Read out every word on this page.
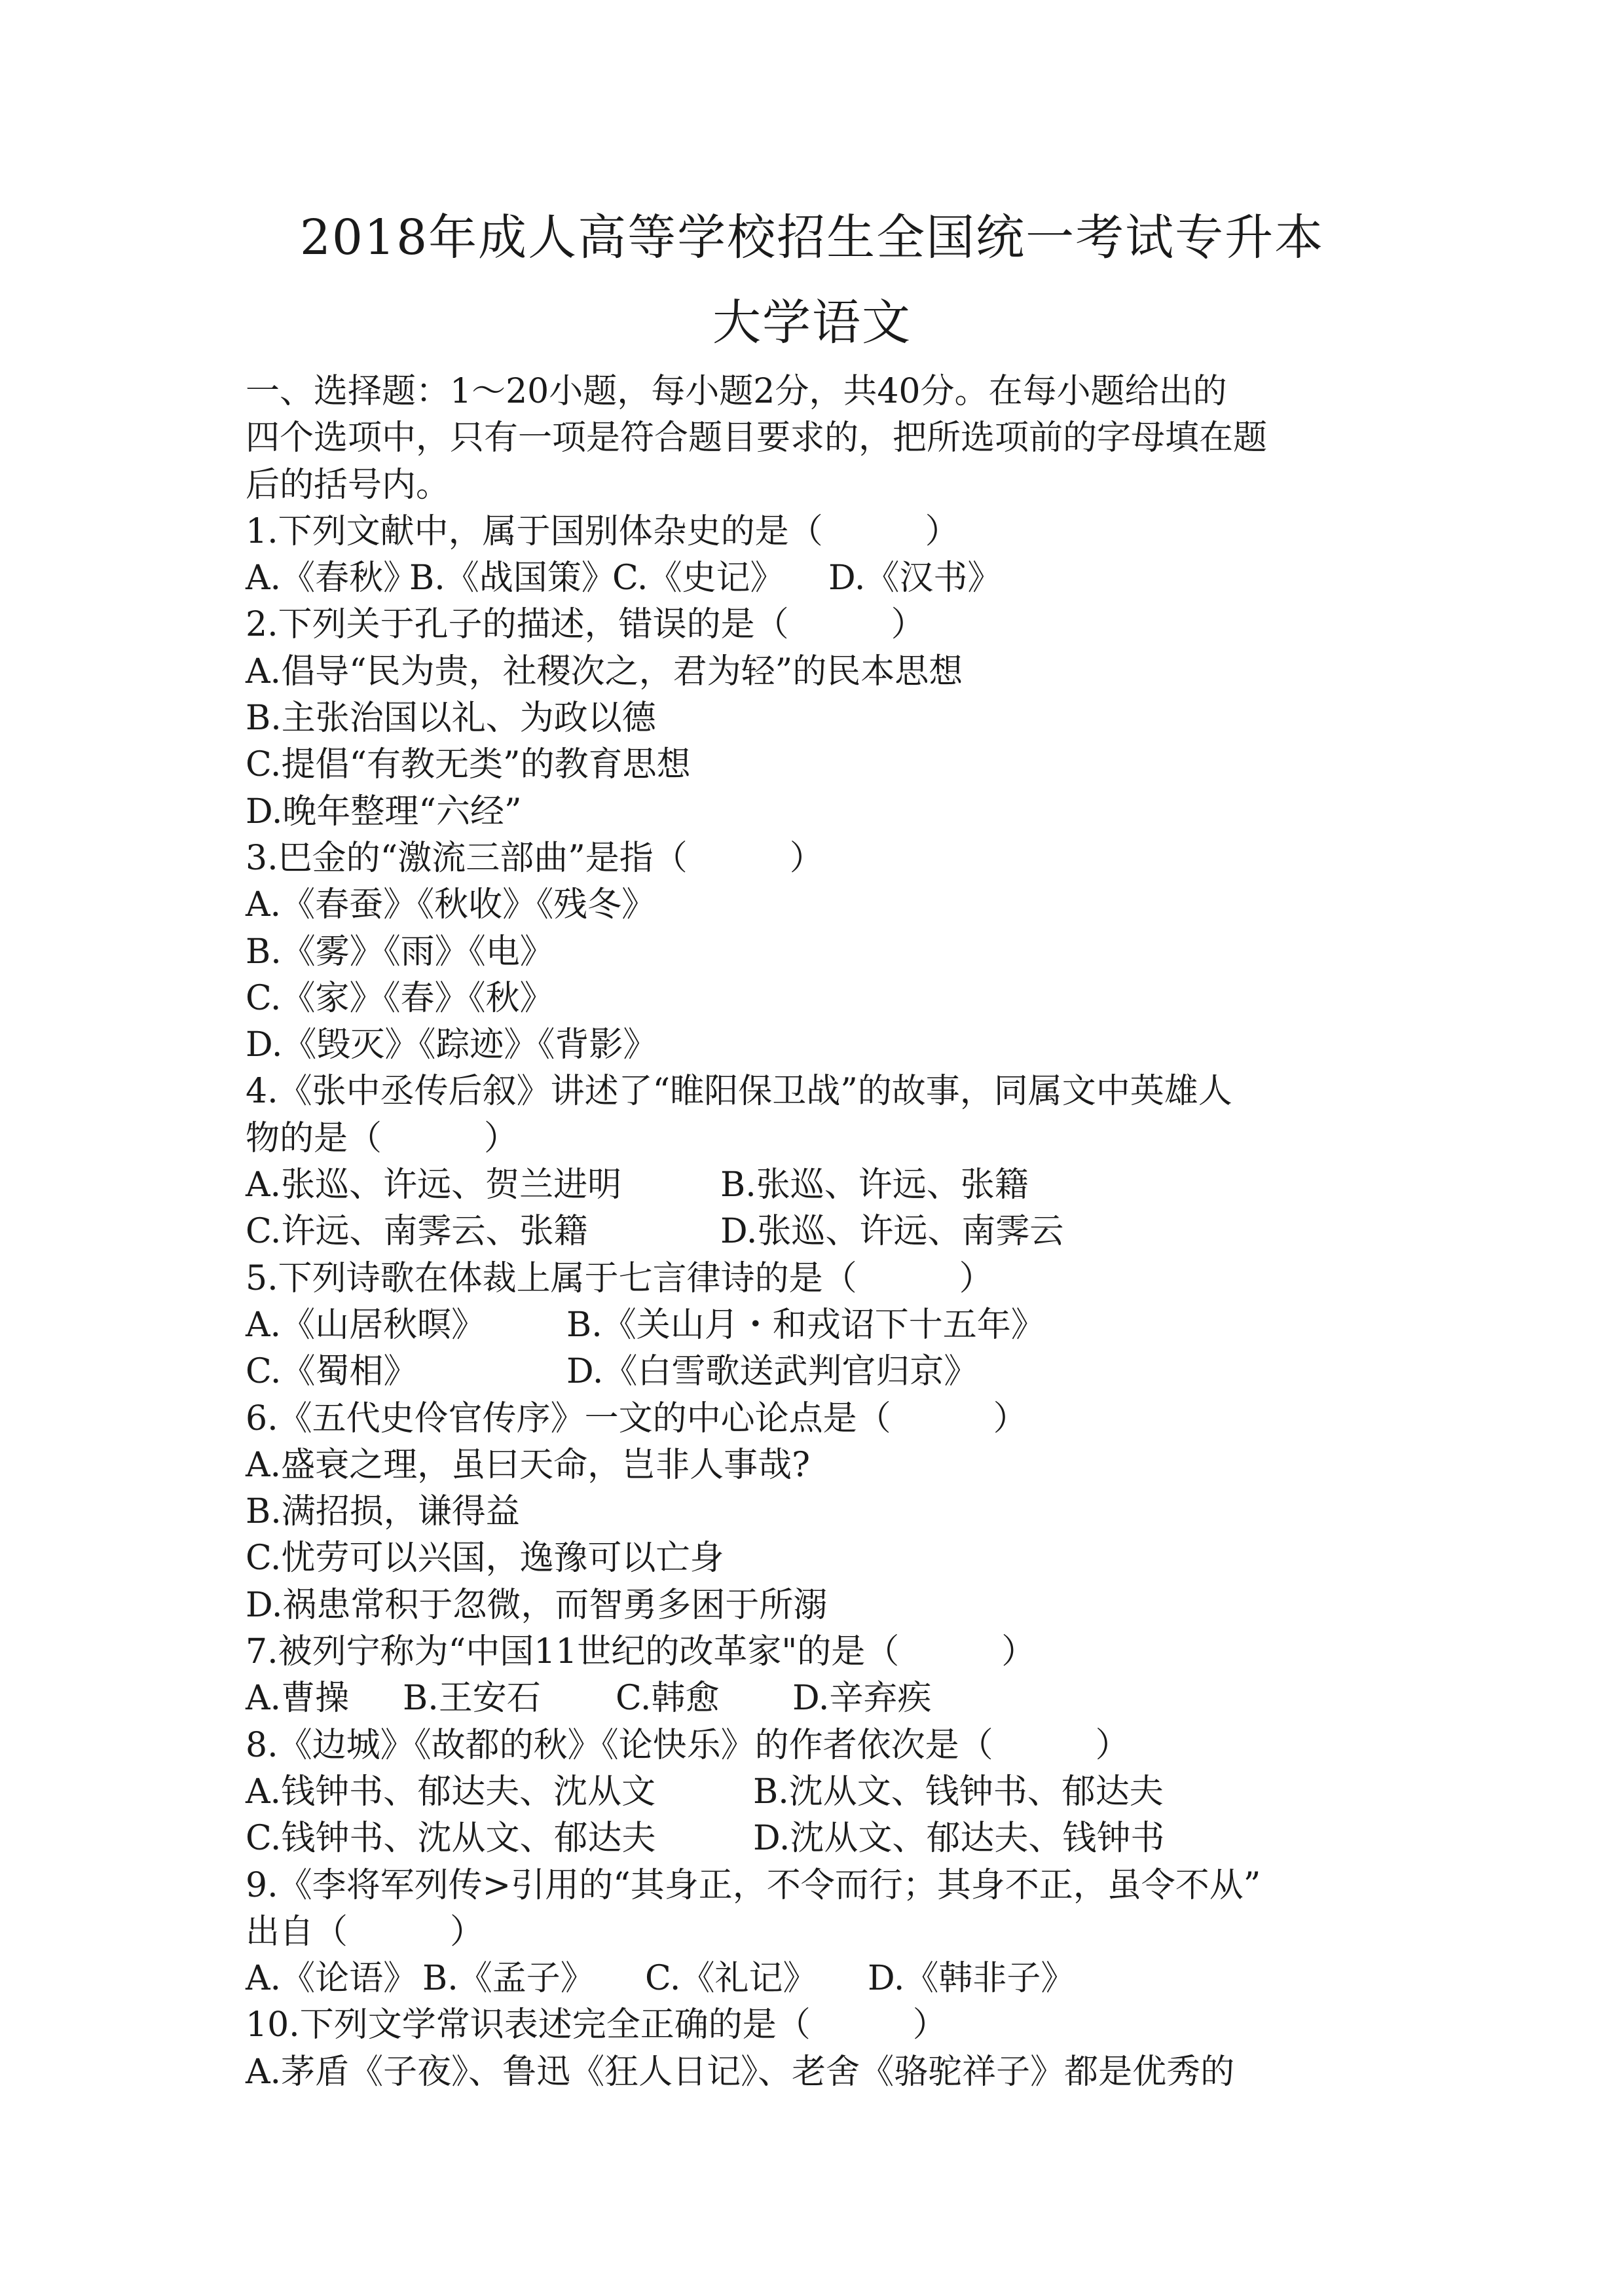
2018年成人高等学校招生全国统一考试专升本
大学语文
一、选择题：1～20小题，每小题2分，共40分。在每小题给出的
四个选项中，只有一项是符合题目要求的，把所选项前的字母填在题
后的括号内。
1.下列文献中，属于国别体杂史的是（　　　）
A.《春秋》
B.《战国策》
C.《史记》	D.《汉书》
2.下列关于孔子的描述，错误的是（　　　）
A.倡导“民为贵，社稷次之，君为轻”的民本思想
B.主张治国以礼、为政以德
C.提倡“有教无类”的教育思想
D.晚年整理“六经”
3.巴金的“激流三部曲”是指（　　　）
A.《春蚕》《秋收》《残冬》
B.《雾》《雨》《电》
C.《家》《春》《秋》
D.《毁灭》《踪迹》《背影》
4.《张中丞传后叙》讲述了“睢阳保卫战”的故事，同属文中英雄人
物的是（　　　）
A.张巡、许远、贺兰进明	B.张巡、许远、张籍
C.许远、南霁云、张籍	D.张巡、许远、南霁云
5.下列诗歌在体裁上属于七言律诗的是（　　　）
A.《山居秋暝》	B.《关山月・和戎诏下十五年》
C.《蜀相》	D.《白雪歌送武判官归京》
6.《五代史伶官传序》一文的中心论点是（　　　）
A.盛衰之理，虽曰天命，岂非人事哉?
B.满招损，谦得益
C.忧劳可以兴国，逸豫可以亡身
D.祸患常积于忽微，而智勇多困于所溺
7.被列宁称为“中国11世纪的改革家"的是（　　　）
A.曹操	B.王安石	C.韩愈	D.辛弃疾
8.《边城》《故都的秋》《论快乐》的作者依次是（　　　）
A.钱钟书、郁达夫、沈从文	B.沈从文、钱钟书、郁达夫
C.钱钟书、沈从文、郁达夫	D.沈从文、郁达夫、钱钟书
9.《李将军列传>引用的“其身正，不令而行；其身不正，虽令不从”
出自（　　　）
A.《论语》 B.《孟子》	C.《礼记》	D.《韩非子》
10.下列文学常识表述完全正确的是（　　　）
A.茅盾《子夜》、鲁迅《狂人日记》、老舍《骆驼祥子》都是优秀的
